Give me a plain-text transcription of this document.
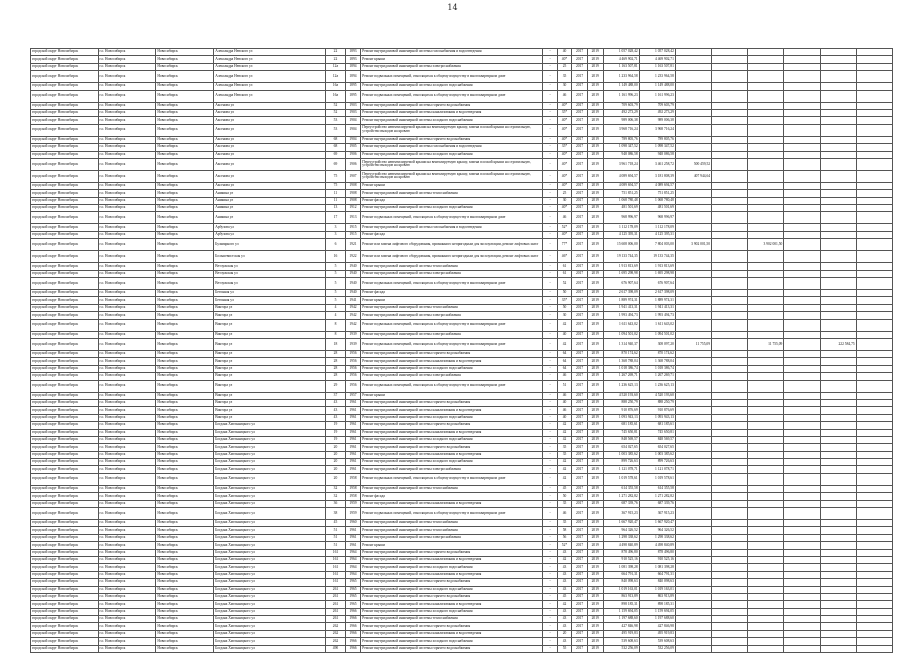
14
городской округ Новосибирск	г.о. Новосибирск	Новосибирск	Александра Невского ул	22	1893	Ремонт внутридомовой инженерной системы газоснабжения и водоотведения	-	40	2017	2019	1 057 028,42	1 057 028,42						
городской округ Новосибирск	г.о. Новосибирск	Новосибирск	Александра Невского ул	22	1893	Ремонт крыши	-	40*	2017	2019	4 469 902,71	4 469 902,71						
городской округ Новосибирск	г.о. Новосибирск	Новосибирск	Александра Невского ул	12а	1894	Ремонт внутридомовой инженерной системы электроснабжения	-	25	2017	2019	1 163 507,81	1 163 507,81						
городской округ Новосибирск	г.о. Новосибирск	Новосибирск	Александра Невского ул	12а	1894	Ремонт подвальных помещений, относящихся к общему имуществу в многоквартирном доме	-	35	2017	2019	1 233 964,58	1 233 964,58						
городской округ Новосибирск	г.о. Новосибирск	Новосибирск	Александра Невского ул	16а	1895	Ремонт внутридомовой инженерной системы холодного водоснабжения	-	30	2017	2019	1 149 488,00	1 149 488,00						
городской округ Новосибирск	г.о. Новосибирск	Новосибирск	Александра Невского ул	16а	1895	Ремонт подвальных помещений, относящихся к общему имуществу в многоквартирном доме	-	46	2017	2019	1 161 996,23	1 161 996,23						
городской округ Новосибирск	г.о. Новосибирск	Новосибирск	Аксенова ул	52	1903	Ремонт внутридомовой инженерной системы горячего водоснабжения	-	40*	2017	2019	709 603,79	709 603,79						
городской округ Новосибирск	г.о. Новосибирск	Новосибирск	Аксенова ул	52	1903	Ремонт внутридомовой инженерной системы канализования и водоотведения	-	35*	2017	2019	492 273,29	492 273,29						
городской округ Новосибирск	г.о. Новосибирск	Новосибирск	Аксенова ул	53	1904	Ремонт внутридомовой инженерной системы холодного водоснабжения	-	40*	2017	2019	989 006,38	989 006,38						
городской округ Новосибирск	г.о. Новосибирск	Новосибирск	Аксенова ул	53	1904	Переустройство невентилируемой крыши на вентилируемую крышу, замена плоской крыши на стропильную, устройство выходов на кровлю	-	40*	2017	2019	3 968 716,24	3 968 716,24						
городской округ Новосибирск	г.о. Новосибирск	Новосибирск	Аксенова ул	68	1904	Ремонт внутридомовой инженерной системы горячего водоснабжения	-	40*	2017	2019	789 805,76	789 805,76						
городской округ Новосибирск	г.о. Новосибирск	Новосибирск	Аксенова ул	68	1905	Ремонт внутридомовой инженерной системы газоснабжения и водоотведения	-	35*	2017	2019	1 098 347,52	1 098 347,52						
городской округ Новосибирск	г.о. Новосибирск	Новосибирск	Аксенова ул	69	1906	Ремонт внутридомовой инженерной системы холодного водоснабжения	-	40*	2017	2019	948 086,58	948 086,58						
городской округ Новосибирск	г.о. Новосибирск	Новосибирск	Аксенова ул	69	1906	Переустройство невентилируемой крыши на вентилируемую крышу, замена плоской крыши на стропильную, устройство выходов на кровлю	-	40*	2017	2019	3 961 718,24	3 461 258,72	500 459,52					
городской округ Новосибирск	г.о. Новосибирск	Новосибирск	Аксенова ул	75	1907	Переустройство невентилируемой крыши на вентилируемую крышу, замена плоской крыши на стропильную, устройство выходов на кровлю	-	40*	2017	2019	4 089 694,57	3 181 808,39	407 944,64					
городской округ Новосибирск	г.о. Новосибирск	Новосибирск	Аксенова ул	75	1908	Ремонт крыши	-	40*	2017	2019	4 089 694,57	4 089 694,57						
городской округ Новосибирск	г.о. Новосибирск	Новосибирск	Аникина ул	11	1908	Ремонт внутридомовой инженерной системы теплоснабжения	-	25	2017	2019	751 851,25	751 851,25						
городской округ Новосибирск	г.о. Новосибирск	Новосибирск	Аникина ул	11	1908	Ремонт фасада	-	30	2017	2019	1 068 780,48	1 068 780,48						
городской округ Новосибирск	г.о. Новосибирск	Новосибирск	Аникина ул	13	1912	Ремонт внутридомовой инженерной системы холодного водоснабжения	-	40*	2017	2019	481 501,69	481 501,69						
городской округ Новосибирск	г.о. Новосибирск	Новосибирск	Аникина ул	17	1913	Ремонт подвальных помещений, относящихся к общему имуществу в многоквартирном доме	-	46	2017	2019	968 996,97	968 996,97						
городской округ Новосибирск	г.о. Новосибирск	Новосибирск	Арбузова ул	3	1915	Ремонт внутридомовой инженерной системы газоснабжения и водоотведения	-	52*	2017	2019	1 112 178,09	1 112 178,09						
городской округ Новосибирск	г.о. Новосибирск	Новосибирск	Арбузова ул	3	1915	Ремонт фасада	-	40*	2017	2019	4 125 395,31	4 125 395,31						
городской округ Новосибирск	г.о. Новосибирск	Новосибирск	Бульварного ул	6	1921	Ремонт или замена лифтового оборудования, признанного непригодным для эксплуатации, ремонт лифтовых шахт	-	77*	2017	2019	15 608 006,00	7 804 003,00	3 902 001,50		3 902 001,50			
городской округ Новосибирск	г.о. Новосибирск	Новосибирск	Большевистская ул	16	1922	Ремонт или замена лифтового оборудования, признанного непригодным для эксплуатации, ремонт лифтовых шахт	-	46*	2017	2019	19 133 744,35	19 133 744,35						
городской округ Новосибирск	г.о. Новосибирск	Новосибирск	Ветлужская ул	5	1940	Ремонт внутридомовой инженерной системы теплоснабжения	-	61	2017	2019	1 913 813,69	1 913 813,69						
городской округ Новосибирск	г.о. Новосибирск	Новосибирск	Ветлужская ул	5	1940	Ремонт внутридомовой инженерной системы электроснабжения	-	61	2017	2019	1 695 298,98	1 695 298,98						
городской округ Новосибирск	г.о. Новосибирск	Новосибирск	Ветлужская ул	5	1940	Ремонт подвальных помещений, относящихся к общему имуществу в многоквартирном доме	-	52	2017	2019	676 907,64	676 907,64						
городской округ Новосибирск	г.о. Новосибирск	Новосибирск	Бетонная ул	5	1940	Ремонт фасада	-	50	2017	2019	2 617 398,09	2 617 398,09						
городской округ Новосибирск	г.о. Новосибирск	Новосибирск	Бетонная ул	5	1941	Ремонт крыши	-	35*	2017	2019	1 889 974,31	1 889 974,31						
городской округ Новосибирск	г.о. Новосибирск	Новосибирск	Виктора ул	4	1942	Ремонт внутридомовой инженерной системы теплоснабжения	-	50	2017	2019	1 941 413,31	1 941 413,31						
городской округ Новосибирск	г.о. Новосибирск	Новосибирск	Виктора ул	4	1942	Ремонт внутридомовой инженерной системы электроснабжения	-	30	2017	2019	1 993 494,73	1 993 494,73						
городской округ Новосибирск	г.о. Новосибирск	Новосибирск	Виктора ул	8	1942	Ремонт подвальных помещений, относящихся к общему имуществу в многоквартирном доме	-	42	2017	2019	1 611 643,02	1 611 643,02						
городской округ Новосибирск	г.о. Новосибирск	Новосибирск	Виктора ул	8	1939	Ремонт внутридомовой инженерной системы электроснабжения	-	40	2017	2019	1 094 501,02	1 094 501,02						
городской округ Новосибирск	г.о. Новосибирск	Новосибирск	Виктора ул	18	1939	Ремонт подвальных помещений, относящихся к общему имуществу в многоквартирном доме	-	42	2017	2019	1 314 940,37	308 097,20	11 755,09		11 755,09		222 584,75	
городской округ Новосибирск	г.о. Новосибирск	Новосибирск	Виктора ул	28	1956	Ремонт внутридомовой инженерной системы горячего водоснабжения	-	64	2017	2019	870 174,62	870 174,62						
городской округ Новосибирск	г.о. Новосибирск	Новосибирск	Виктора ул	28	1956	Ремонт внутридомовой инженерной системы канализования и водоотведения	-	64	2017	2019	1 368 788,04	1 368 788,04						
городской округ Новосибирск	г.о. Новосибирск	Новосибирск	Виктора ул	28	1956	Ремонт внутридомовой инженерной системы холодного водоснабжения	-	64	2017	2019	1 018 386,74	1 018 386,74						
городской округ Новосибирск	г.о. Новосибирск	Новосибирск	Виктора ул	28	1956	Ремонт внутридомовой инженерной системы электроснабжения	-	46	2017	2019	1 267 269,71	1 267 269,71						
городской округ Новосибирск	г.о. Новосибирск	Новосибирск	Виктора ул	29	1956	Ремонт подвальных помещений, относящихся к общему имуществу в многоквартирном доме	-	51	2017	2019	1 236 625,13	1 236 625,13						
городской округ Новосибирск	г.о. Новосибирск	Новосибирск	Виктора ул	37	1957	Ремонт крыши	-	46	2017	2019	4 520 193,60	4 520 193,60						
городской округ Новосибирск	г.о. Новосибирск	Новосибирск	Виктора ул	43	1961	Ремонт внутридомовой инженерной системы горячего водоснабжения	-	40	2017	2019	888 250,79	888 250,79						
городской округ Новосибирск	г.о. Новосибирск	Новосибирск	Виктора ул	43	1961	Ремонт внутридомовой инженерной системы канализования и водоотведения	-	46	2017	2019	910 876,69	910 876,69						
городской округ Новосибирск	г.о. Новосибирск	Новосибирск	Виктора ул	43	1961	Ремонт внутридомовой инженерной системы холодного водоснабжения	-	40	2017	2019	1 093 943,13	1 093 943,13						
городской округ Новосибирск	г.о. Новосибирск	Новосибирск	Богдана Хмельницкого ул	19	1961	Ремонт внутридомовой инженерной системы горячего водоснабжения	-	42	2017	2019	681 185,61	681 185,61						
городской округ Новосибирск	г.о. Новосибирск	Новосибирск	Богдана Хмельницкого ул	19	1961	Ремонт внутридомовой инженерной системы канализования и водоотведения	-	42	2017	2019	745 650,81	745 650,81						
городской округ Новосибирск	г.о. Новосибирск	Новосибирск	Богдана Хмельницкого ул	19	1961	Ремонт внутридомовой инженерной системы холодного водоснабжения	-	42	2017	2019	848 569,57	848 569,57						
городской округ Новосибирск	г.о. Новосибирск	Новосибирск	Богдана Хмельницкого ул	20	1961	Ремонт внутридомовой инженерной системы горячего водоснабжения	-	35	2017	2019	654 027,65	654 027,65						
городской округ Новосибирск	г.о. Новосибирск	Новосибирск	Богдана Хмельницкого ул	20	1961	Ремонт внутридомовой инженерной системы канализования и водоотведения	-	35	2017	2019	1 003 385,62	1 003 385,62						
городской округ Новосибирск	г.о. Новосибирск	Новосибирск	Богдана Хмельницкого ул	20	1961	Ремонт внутридомовой инженерной системы холодного водоснабжения	-	42	2017	2019	899 726,63	899 726,63						
городской округ Новосибирск	г.о. Новосибирск	Новосибирск	Богдана Хмельницкого ул	20	1961	Ремонт внутридомовой инженерной системы электроснабжения	-	42	2017	2019	1 121 078,71	1 121 078,71						
городской округ Новосибирск	г.о. Новосибирск	Новосибирск	Богдана Хмельницкого ул	20	1958	Ремонт подвальных помещений, относящихся к общему имуществу в многоквартирном доме	-	42	2017	2019	1 019 578,61	1 019 578,61						
городской округ Новосибирск	г.о. Новосибирск	Новосибирск	Богдана Хмельницкого ул	32	1958	Ремонт внутридомовой инженерной системы теплоснабжения	-	45	2017	2019	614 355,58	614 355,58						
городской округ Новосибирск	г.о. Новосибирск	Новосибирск	Богдана Хмельницкого ул	32	1958	Ремонт фасада	-	50	2017	2019	1 271 282,82	1 271 282,82						
городской округ Новосибирск	г.о. Новосибирск	Новосибирск	Богдана Хмельницкого ул	36	1959	Ремонт внутридомовой инженерной системы канализования и водоотведения	-	35	2017	2019	687 339,76	687 339,76						
городской округ Новосибирск	г.о. Новосибирск	Новосибирск	Богдана Хмельницкого ул	38	1959	Ремонт подвальных помещений, относящихся к общему имуществу в многоквартирном доме	-	46	2017	2019	367 915,23	367 915,23						
городской округ Новосибирск	г.о. Новосибирск	Новосибирск	Богдана Хмельницкого ул	45	1960	Ремонт внутридомовой инженерной системы теплоснабжения	-	35	2017	2019	1 667 920,47	1 667 920,47						
городской округ Новосибирск	г.о. Новосибирск	Новосибирск	Богдана Хмельницкого ул	51	1961	Ремонт внутридомовой инженерной системы теплоснабжения	-	58	2017	2019	964 326,52	964 326,52						
городской округ Новосибирск	г.о. Новосибирск	Новосибирск	Богдана Хмельницкого ул	51	1961	Ремонт внутридомовой инженерной системы электроснабжения	-	56	2017	2019	1 298 338,62	1 298 338,62						
городской округ Новосибирск	г.о. Новосибирск	Новосибирск	Богдана Хмельницкого ул	51	1961	Ремонт крыши	-	52*	2017	2019	4 498 840,89	4 498 840,89						
городской округ Новосибирск	г.о. Новосибирск	Новосибирск	Богдана Хмельницкого ул	161	1964	Ремонт внутридомовой инженерной системы горячего водоснабжения	-	43	2017	2019	878 496,80	878 496,80						
городской округ Новосибирск	г.о. Новосибирск	Новосибирск	Богдана Хмельницкого ул	161	1964	Ремонт внутридомовой инженерной системы канализования и водоотведения	-	42	2017	2019	910 525,16	910 525,16						
городской округ Новосибирск	г.о. Новосибирск	Новосибирск	Богдана Хмельницкого ул	161	1964	Ремонт внутридомовой инженерной системы холодного водоснабжения	-	43	2017	2019	1 081 398,28	1 081 398,28						
городской округ Новосибирск	г.о. Новосибирск	Новосибирск	Богдана Хмельницкого ул	161	1964	Ремонт внутридомовой инженерной системы канализования и водоотведения	-	43	2017	2019	664 791,31	664 791,31						
городской округ Новосибирск	г.о. Новосибирск	Новосибирск	Богдана Хмельницкого ул	161	1965	Ремонт внутридомовой инженерной системы горячего водоснабжения	-	43	2017	2019	840 098,63	840 098,63						
городской округ Новосибирск	г.о. Новосибирск	Новосибирск	Богдана Хмельницкого ул	261	1965	Ремонт внутридомовой инженерной системы холодного водоснабжения	-	43	2017	2019	1 019 163,01	1 019 163,01						
городской округ Новосибирск	г.о. Новосибирск	Новосибирск	Богдана Хмельницкого ул	261	1965	Ремонт внутридомовой инженерной системы горячего водоснабжения	-	45	2017	2019	863 913,89	863 913,89						
городской округ Новосибирск	г.о. Новосибирск	Новосибирск	Богдана Хмельницкого ул	261	1965	Ремонт внутридомовой инженерной системы канализования и водоотведения	-	42	2017	2019	898 185,31	898 185,31						
городской округ Новосибирск	г.о. Новосибирск	Новосибирск	Богдана Хмельницкого ул	261	1966	Ремонт внутридомовой инженерной системы холодного водоснабжения	-	43	2017	2019	1 159 694,05	1 159 694,05						
городской округ Новосибирск	г.о. Новосибирск	Новосибирск	Богдана Хмельницкого ул	261	1966	Ремонт внутридомовой инженерной системы теплоснабжения	-	43	2017	2019	1 197 688,60	1 197 688,60						
городской округ Новосибирск	г.о. Новосибирск	Новосибирск	Богдана Хмельницкого ул	262	1966	Ремонт внутридомовой инженерной системы горячего водоснабжения	-	43	2017	2019	427 846,98	427 846,98						
городской округ Новосибирск	г.о. Новосибирск	Новосибирск	Богдана Хмельницкого ул	262	1966	Ремонт внутридомовой инженерной системы канализования и водоотведения	-	20	2017	2019	495 919,83	495 919,83						
городской округ Новосибирск	г.о. Новосибирск	Новосибирск	Богдана Хмельницкого ул	262	1966	Ремонт внутридомовой инженерной системы холодного водоснабжения	-	43	2017	2019	539 608,63	539 608,63						
городской округ Новосибирск	г.о. Новосибирск	Новосибирск	Богдана Хмельницкого ул	490	1966	Ремонт внутридомовой инженерной системы горячего водоснабжения	-	55	2017	2019	532 256,09	532 256,09						
